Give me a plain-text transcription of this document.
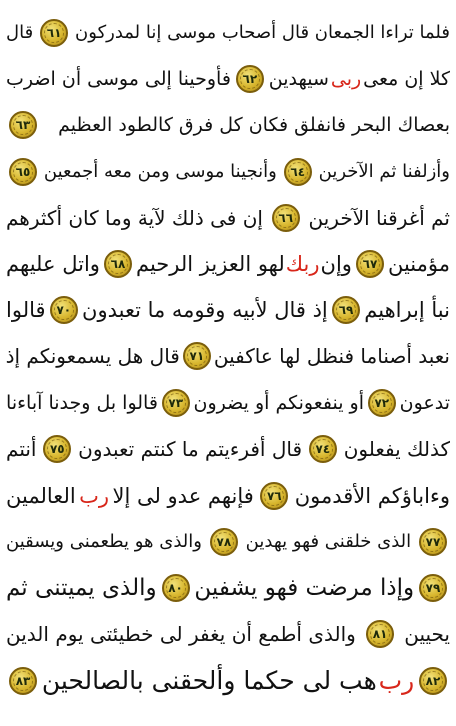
فلما تراءا الجمعان قال أصحاب موسى إنا لمدركون
٦١
قال
كلا إن معى
ربى
سيهدين
٦٢
فأوحينا إلى موسى أن اضرب
بعصاك البحر فانفلق فكان كل فرق كالطود العظيم
٦٣
وأزلفنا ثم الآخرين
٦٤
وأنجينا موسى ومن معه أجمعين
٦٥
ثم أغرقنا الآخرين
٦٦
إن فى ذلك لآية وما كان أكثرهم
مؤمنين
٦٧
وإن
ربك
لهو العزيز الرحيم
٦٨
واتل عليهم
نبأ إبراهيم
٦٩
إذ قال لأبيه وقومه ما تعبدون
٧٠
قالوا
نعبد أصناما فنظل لها عاكفين
٧١
قال هل يسمعونكم إذ
تدعون
٧٢
أو ينفعونكم أو يضرون
٧٣
قالوا بل وجدنا آباءنا
كذلك يفعلون
٧٤
قال أفرءيتم ما كنتم تعبدون
٧٥
أنتم
وءاباؤكم الأقدمون
٧٦
فإنهم عدو لى إلا
رب
العالمين
٧٧
الذى خلقنى فهو يهدين
٧٨
والذى هو يطعمنى ويسقين
٧٩
وإذا مرضت فهو يشفين
٨٠
والذى يميتنى ثم
يحيين
٨١
والذى أطمع أن يغفر لى خطيئتى يوم الدين
٨٢
رب
هب لى حكما وألحقنى بالصالحين
٨٣
